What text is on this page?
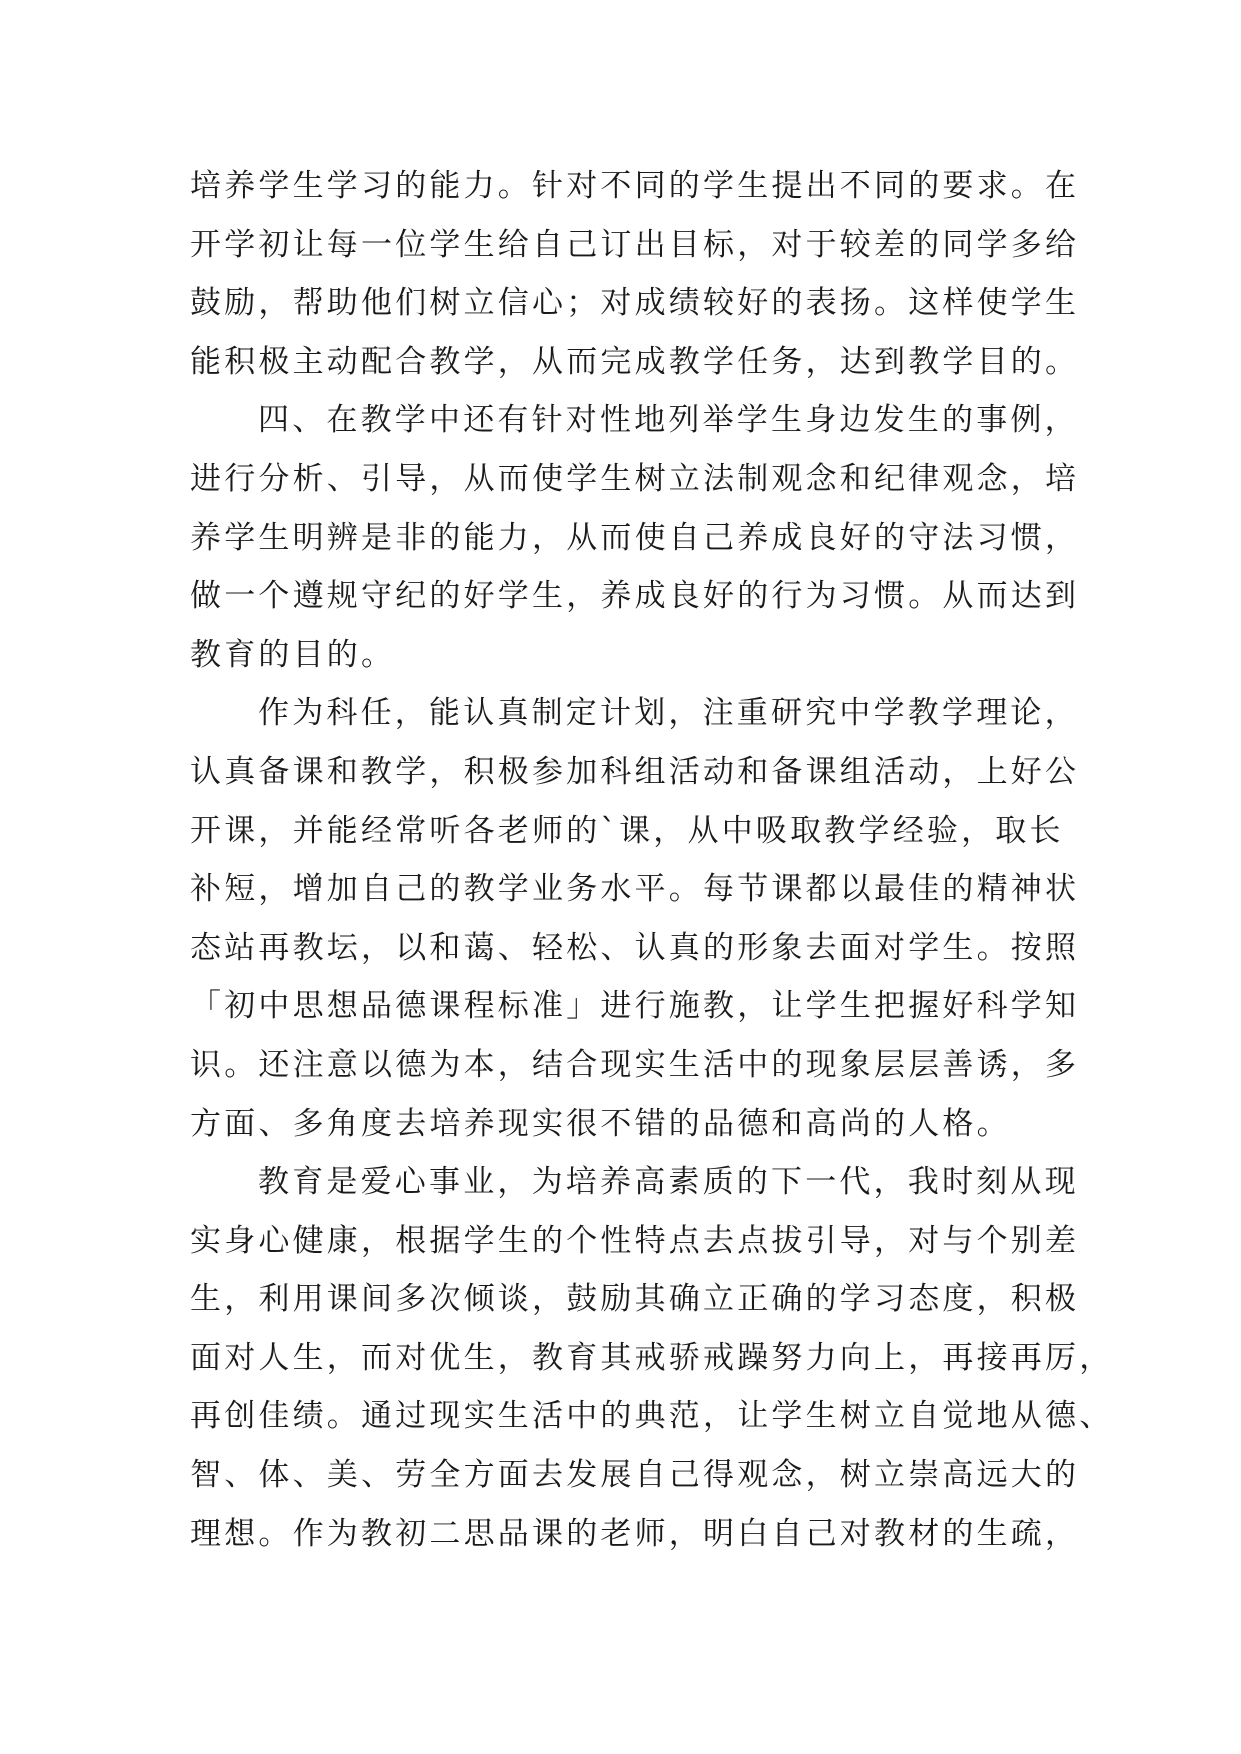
培养学生学习的能力。针对不同的学生提出不同的要求。在
开学初让每一位学生给自己订出目标，对于较差的同学多给
鼓励，帮助他们树立信心；对成绩较好的表扬。这样使学生
能积极主动配合教学，从而完成教学任务，达到教学目的。
四、在教学中还有针对性地列举学生身边发生的事例，
进行分析、引导，从而使学生树立法制观念和纪律观念，培
养学生明辨是非的能力，从而使自己养成良好的守法习惯，
做一个遵规守纪的好学生，养成良好的行为习惯。从而达到
教育的目的。
作为科任，能认真制定计划，注重研究中学教学理论，
认真备课和教学，积极参加科组活动和备课组活动，上好公
开课，并能经常听各老师的`课，从中吸取教学经验，取长
补短，增加自己的教学业务水平。每节课都以最佳的精神状
态站再教坛，以和蔼、轻松、认真的形象去面对学生。按照
「初中思想品德课程标准」进行施教，让学生把握好科学知
识。还注意以德为本，结合现实生活中的现象层层善诱，多
方面、多角度去培养现实很不错的品德和高尚的人格。
教育是爱心事业，为培养高素质的下一代，我时刻从现
实身心健康，根据学生的个性特点去点拔引导，对与个别差
生，利用课间多次倾谈，鼓励其确立正确的学习态度，积极
面对人生，而对优生，教育其戒骄戒躁努力向上，再接再厉，
再创佳绩。通过现实生活中的典范，让学生树立自觉地从德、
智、体、美、劳全方面去发展自己得观念，树立崇高远大的
理想。作为教初二思品课的老师，明白自己对教材的生疏，
